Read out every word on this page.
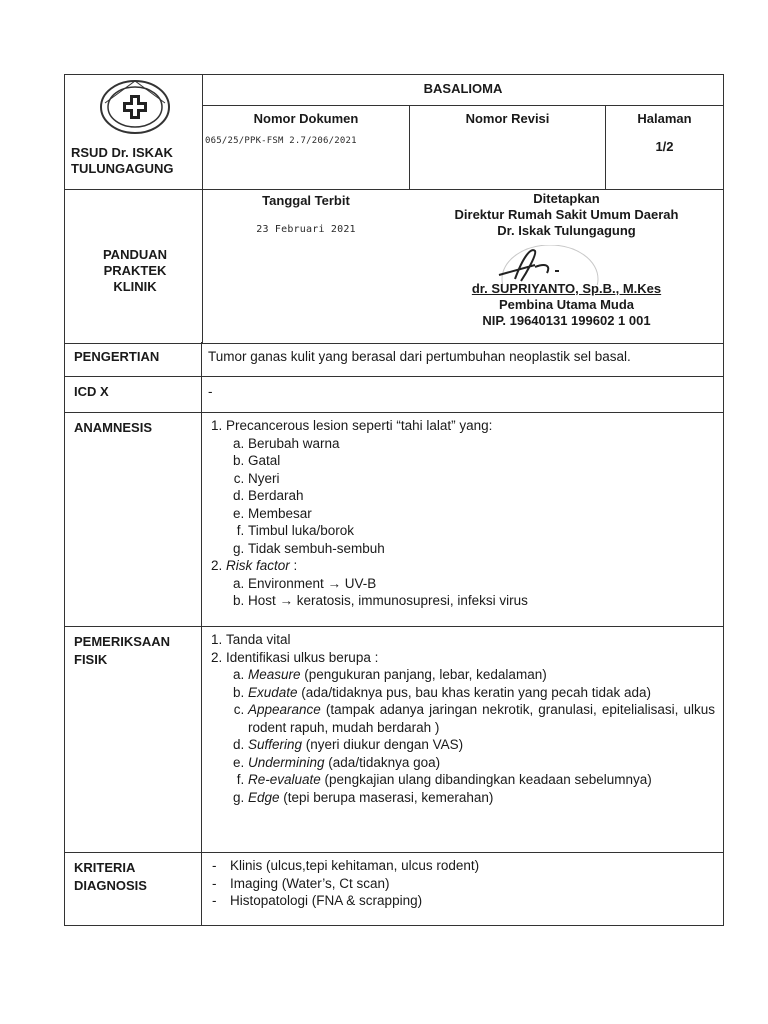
RSUD Dr. ISKAK
TULUNGAGUNG
BASALIOMA
Nomor Dokumen
065/25/PPK-FSM 2.7/206/2021
Nomor Revisi	Halaman
1/2
PANDUAN
PRAKTEK
KLINIK
Tanggal Terbit
23 Februari 2021
Ditetapkan
Direktur Rumah Sakit Umum Daerah
Dr. Iskak Tulungagung
dr. SUPRIYANTO, Sp.B., M.Kes
Pembina Utama Muda
NIP. 19640131 199602 1 001
PENGERTIAN	Tumor ganas kulit yang berasal dari pertumbuhan neoplastik sel basal.
ICD X	-
ANAMNESIS
1.	Precancerous lesion seperti “tahi lalat” yang:
a. Berubah warna
b. Gatal
c. Nyeri
d. Berdarah
e. Membesar
f. Timbul luka/borok
g. Tidak sembuh-sembuh
2. Risk factor :
a. Environment → UV-B
b. Host → keratosis, immunosupresi, infeksi virus
PEMERIKSAAN
FISIK
1. Tanda vital
2. Identifikasi ulkus berupa :
a. Measure (pengukuran panjang, lebar, kedalaman)
b. Exudate (ada/tidaknya pus, bau khas keratin yang pecah tidak ada)
c. Appearance (tampak adanya jaringan nekrotik, granulasi, epitelialisasi, ulkus rodent rapuh, mudah berdarah )
d. Suffering (nyeri diukur dengan VAS)
e. Undermining (ada/tidaknya goa)
f. Re-evaluate (pengkajian ulang dibandingkan keadaan sebelumnya)
g. Edge (tepi berupa maserasi, kemerahan)
KRITERIA
DIAGNOSIS
- Klinis (ulcus,tepi kehitaman, ulcus rodent)
- Imaging (Water’s, Ct scan)
- Histopatologi (FNA & scrapping)
